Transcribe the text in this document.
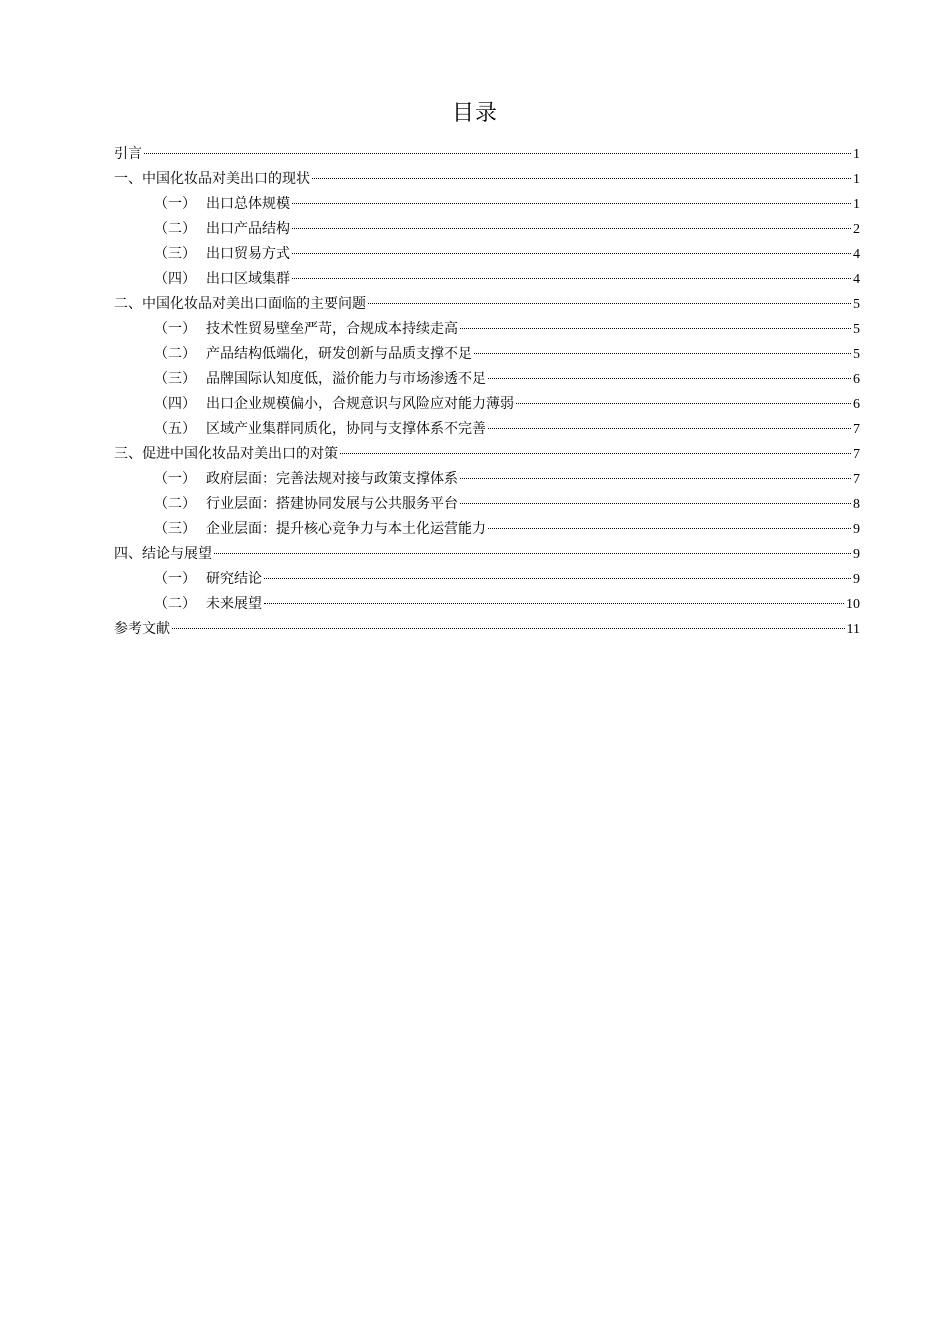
目录
引言	1
一、中国化妆品对美出口的现状	1
（一） 出口总体规模	1
（二） 出口产品结构	2
（三） 出口贸易方式	4
（四） 出口区域集群	4
二、中国化妆品对美出口面临的主要问题	5
（一） 技术性贸易壁垒严苛，合规成本持续走高	5
（二） 产品结构低端化，研发创新与品质支撑不足	5
（三） 品牌国际认知度低，溢价能力与市场渗透不足	6
（四） 出口企业规模偏小，合规意识与风险应对能力薄弱	6
（五） 区域产业集群同质化，协同与支撑体系不完善	7
三、促进中国化妆品对美出口的对策	7
（一） 政府层面：完善法规对接与政策支撑体系	7
（二） 行业层面：搭建协同发展与公共服务平台	8
（三） 企业层面：提升核心竞争力与本土化运营能力	9
四、结论与展望	9
（一） 研究结论	9
（二） 未来展望	10
参考文献	11
